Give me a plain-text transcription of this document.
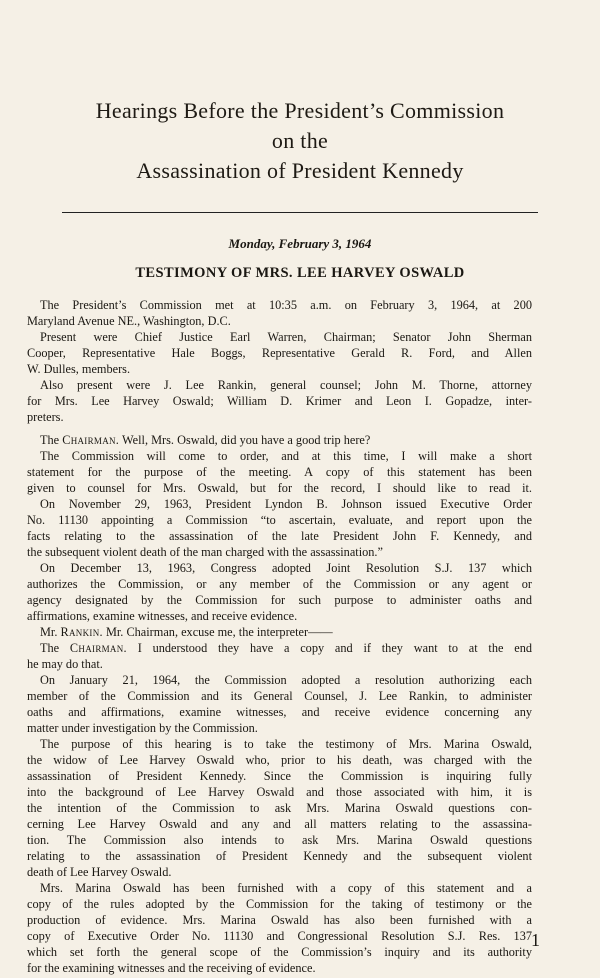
Hearings Before the President’s Commission
on the
Assassination of President Kennedy
Monday, February 3, 1964
TESTIMONY OF MRS. LEE HARVEY OSWALD
The President’s Commission met at 10:35 a.m. on February 3, 1964, at 200
Maryland Avenue NE., Washington, D.C.
Present were Chief Justice Earl Warren, Chairman; Senator John Sherman
Cooper, Representative Hale Boggs, Representative Gerald R. Ford, and Allen
W. Dulles, members.
Also present were J. Lee Rankin, general counsel; John M. Thorne, attorney
for Mrs. Lee Harvey Oswald; William D. Krimer and Leon I. Gopadze, inter-
preters.
The Chairman. Well, Mrs. Oswald, did you have a good trip here?
The Commission will come to order, and at this time, I will make a short
statement for the purpose of the meeting. A copy of this statement has been
given to counsel for Mrs. Oswald, but for the record, I should like to read it.
On November 29, 1963, President Lyndon B. Johnson issued Executive Order
No. 11130 appointing a Commission “to ascertain, evaluate, and report upon the
facts relating to the assassination of the late President John F. Kennedy, and
the subsequent violent death of the man charged with the assassination.”
On December 13, 1963, Congress adopted Joint Resolution S.J. 137 which
authorizes the Commission, or any member of the Commission or any agent or
agency designated by the Commission for such purpose to administer oaths and
affirmations, examine witnesses, and receive evidence.
Mr. Rankin. Mr. Chairman, excuse me, the interpreter——
The Chairman. I understood they have a copy and if they want to at the end
he may do that.
On January 21, 1964, the Commission adopted a resolution authorizing each
member of the Commission and its General Counsel, J. Lee Rankin, to administer
oaths and affirmations, examine witnesses, and receive evidence concerning any
matter under investigation by the Commission.
The purpose of this hearing is to take the testimony of Mrs. Marina Oswald,
the widow of Lee Harvey Oswald who, prior to his death, was charged with the
assassination of President Kennedy. Since the Commission is inquiring fully
into the background of Lee Harvey Oswald and those associated with him, it is
the intention of the Commission to ask Mrs. Marina Oswald questions con-
cerning Lee Harvey Oswald and any and all matters relating to the assassina-
tion. The Commission also intends to ask Mrs. Marina Oswald questions
relating to the assassination of President Kennedy and the subsequent violent
death of Lee Harvey Oswald.
Mrs. Marina Oswald has been furnished with a copy of this statement and a
copy of the rules adopted by the Commission for the taking of testimony or the
production of evidence. Mrs. Marina Oswald has also been furnished with a
copy of Executive Order No. 11130 and Congressional Resolution S.J. Res. 137
which set forth the general scope of the Commission’s inquiry and its authority
for the examining witnesses and the receiving of evidence.
1
